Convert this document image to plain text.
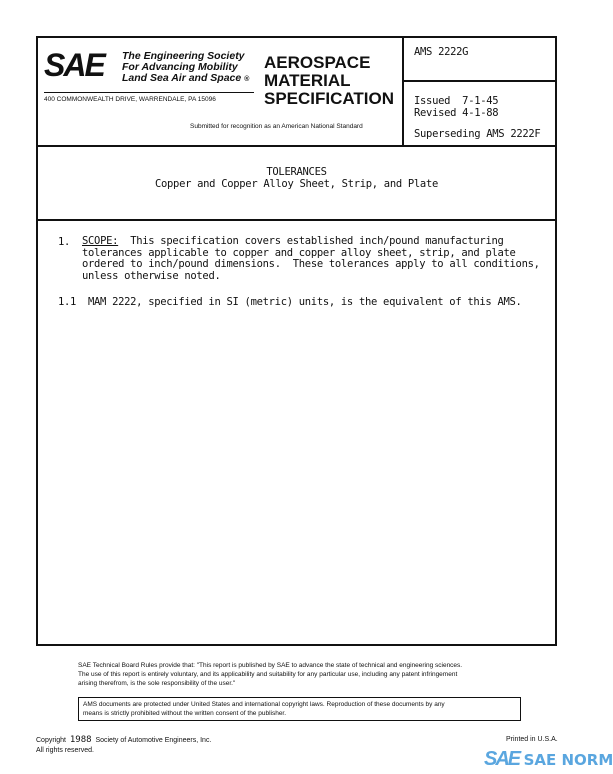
SAE The Engineering Society
For Advancing Mobility
Land Sea Air and Space ®
400 COMMONWEALTH DRIVE, WARRENDALE, PA 15096
AEROSPACE
MATERIAL
SPECIFICATION
Submitted for recognition as an American National Standard
AMS 2222G
Issued  7-1-45
Revised 4-1-88
Superseding AMS 2222F
TOLERANCES
Copper and Copper Alloy Sheet, Strip, and Plate
1. SCOPE: This specification covers established inch/pound manufacturing
tolerances applicable to copper and copper alloy sheet, strip, and plate
ordered to inch/pound dimensions.  These tolerances apply to all conditions,
unless otherwise noted.
1.1 MAM 2222, specified in SI (metric) units, is the equivalent of this AMS.
SAE Technical Board Rules provide that: "This report is published by SAE to advance the state of technical and engineering sciences.
The use of this report is entirely voluntary, and its applicability and suitability for any particular use, including any patent infringement
arising therefrom, is the sole responsibility of the user."
AMS documents are protected under United States and international copyright laws. Reproduction of these documents by any
means is strictly prohibited without the written consent of the publisher.
Copyright 1988 Society of Automotive Engineers, Inc.
All rights reserved.
Printed in U.S.A.
SAE SAE NORM
